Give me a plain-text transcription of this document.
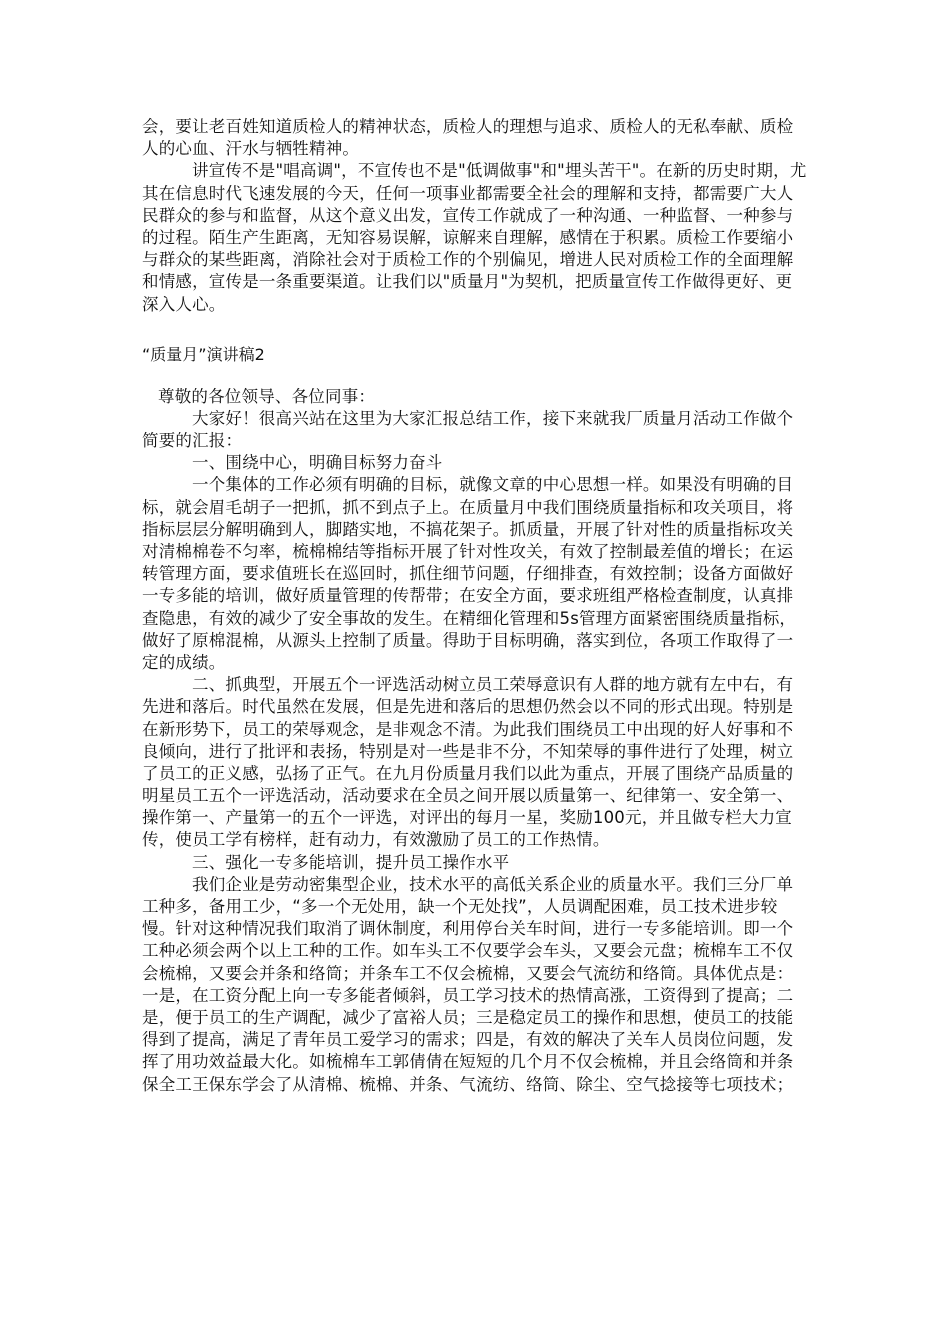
会，要让老百姓知道质检人的精神状态，质检人的理想与追求、质检人的无私奉献、质检
人的心血、汗水与牺牲精神。
讲宣传不是"唱高调"，不宣传也不是"低调做事"和"埋头苦干"。在新的历史时期，尤
其在信息时代飞速发展的今天，任何一项事业都需要全社会的理解和支持，都需要广大人
民群众的参与和监督，从这个意义出发，宣传工作就成了一种沟通、一种监督、一种参与
的过程。陌生产生距离，无知容易误解，谅解来自理解，感情在于积累。质检工作要缩小
与群众的某些距离，消除社会对于质检工作的个别偏见，增进人民对质检工作的全面理解
和情感，宣传是一条重要渠道。让我们以"质量月"为契机，把质量宣传工作做得更好、更
深入人心。
“质量月”演讲稿2
尊敬的各位领导、各位同事：
大家好！很高兴站在这里为大家汇报总结工作，接下来就我厂质量月活动工作做个
简要的汇报：
一、围绕中心，明确目标努力奋斗
一个集体的工作必须有明确的目标，就像文章的中心思想一样。如果没有明确的目
标，就会眉毛胡子一把抓，抓不到点子上。在质量月中我们围绕质量指标和攻关项目，将
指标层层分解明确到人，脚踏实地，不搞花架子。抓质量，开展了针对性的质量指标攻关
对清棉棉卷不匀率，梳棉棉结等指标开展了针对性攻关，有效了控制最差值的增长；在运
转管理方面，要求值班长在巡回时，抓住细节问题，仔细排查，有效控制；设备方面做好
一专多能的培训，做好质量管理的传帮带；在安全方面，要求班组严格检查制度，认真排
查隐患，有效的减少了安全事故的发生。在精细化管理和5s管理方面紧密围绕质量指标，
做好了原棉混棉，从源头上控制了质量。得助于目标明确，落实到位，各项工作取得了一
定的成绩。
二、抓典型，开展五个一评选活动树立员工荣辱意识有人群的地方就有左中右，有
先进和落后。时代虽然在发展，但是先进和落后的思想仍然会以不同的形式出现。特别是
在新形势下，员工的荣辱观念，是非观念不清。为此我们围绕员工中出现的好人好事和不
良倾向，进行了批评和表扬，特别是对一些是非不分，不知荣辱的事件进行了处理，树立
了员工的正义感，弘扬了正气。在九月份质量月我们以此为重点，开展了围绕产品质量的
明星员工五个一评选活动，活动要求在全员之间开展以质量第一、纪律第一、安全第一、
操作第一、产量第一的五个一评选，对评出的每月一星，奖励100元，并且做专栏大力宣
传，使员工学有榜样，赶有动力，有效激励了员工的工作热情。
三、强化一专多能培训，提升员工操作水平
我们企业是劳动密集型企业，技术水平的高低关系企业的质量水平。我们三分厂单
工种多，备用工少，“多一个无处用，缺一个无处找”，人员调配困难，员工技术进步较
慢。针对这种情况我们取消了调休制度，利用停台关车时间，进行一专多能培训。即一个
工种必须会两个以上工种的工作。如车头工不仅要学会车头，又要会元盘；梳棉车工不仅
会梳棉，又要会并条和络筒；并条车工不仅会梳棉，又要会气流纺和络筒。具体优点是：
一是，在工资分配上向一专多能者倾斜，员工学习技术的热情高涨，工资得到了提高；二
是，便于员工的生产调配，减少了富裕人员；三是稳定员工的操作和思想，使员工的技能
得到了提高，满足了青年员工爱学习的需求；四是，有效的解决了关车人员岗位问题，发
挥了用功效益最大化。如梳棉车工郭倩倩在短短的几个月不仅会梳棉，并且会络筒和并条
保全工王保东学会了从清棉、梳棉、并条、气流纺、络筒、除尘、空气捻接等七项技术；
